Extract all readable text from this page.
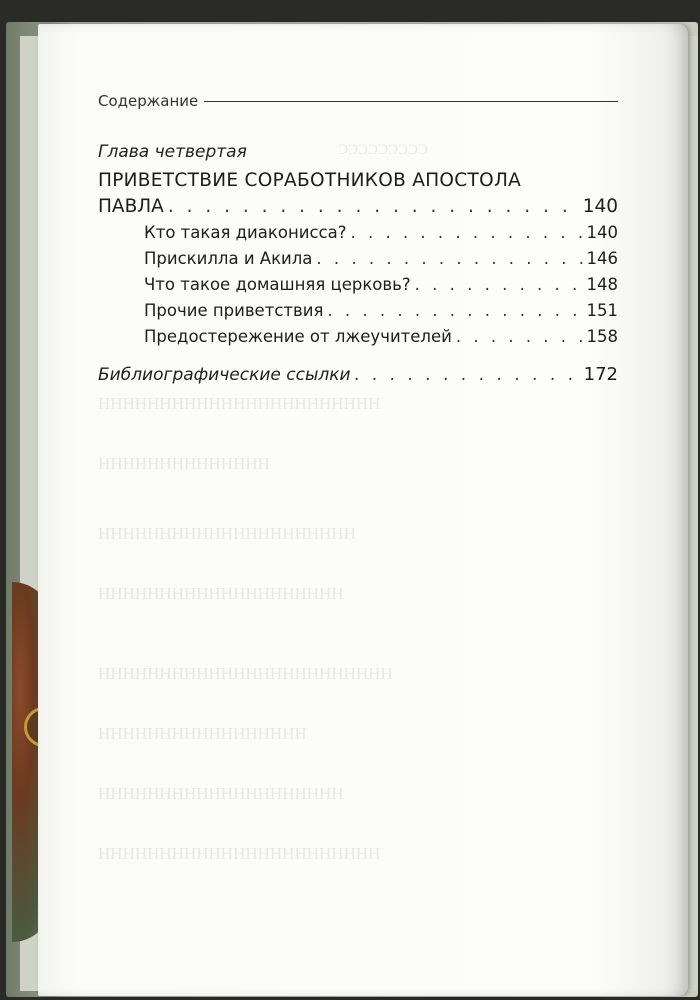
ССССССССС
ННННННННННННННННННННННН
НННННННННННННН
ННННННННННННННННННННН
НННННННННННННННННННН
НННННННННННННННННННННННН
ННННННННННННННННН
НННННННННННННННННННН
ННННННННННННННННННННННН
Содержание
Глава четвертая
ПРИВЕТСТВИЕ СОРАБОТНИКОВ АПОСТОЛА
ПАВЛА . . .	140
Кто такая диаконисса? . . .	140
Прискилла и Акила . . .	146
Что такое домашняя церковь? . . .	148
Прочие приветствия . . .	151
Предостережение от лжеучителей . . .	158
Библиографические ссылки . . .	172
